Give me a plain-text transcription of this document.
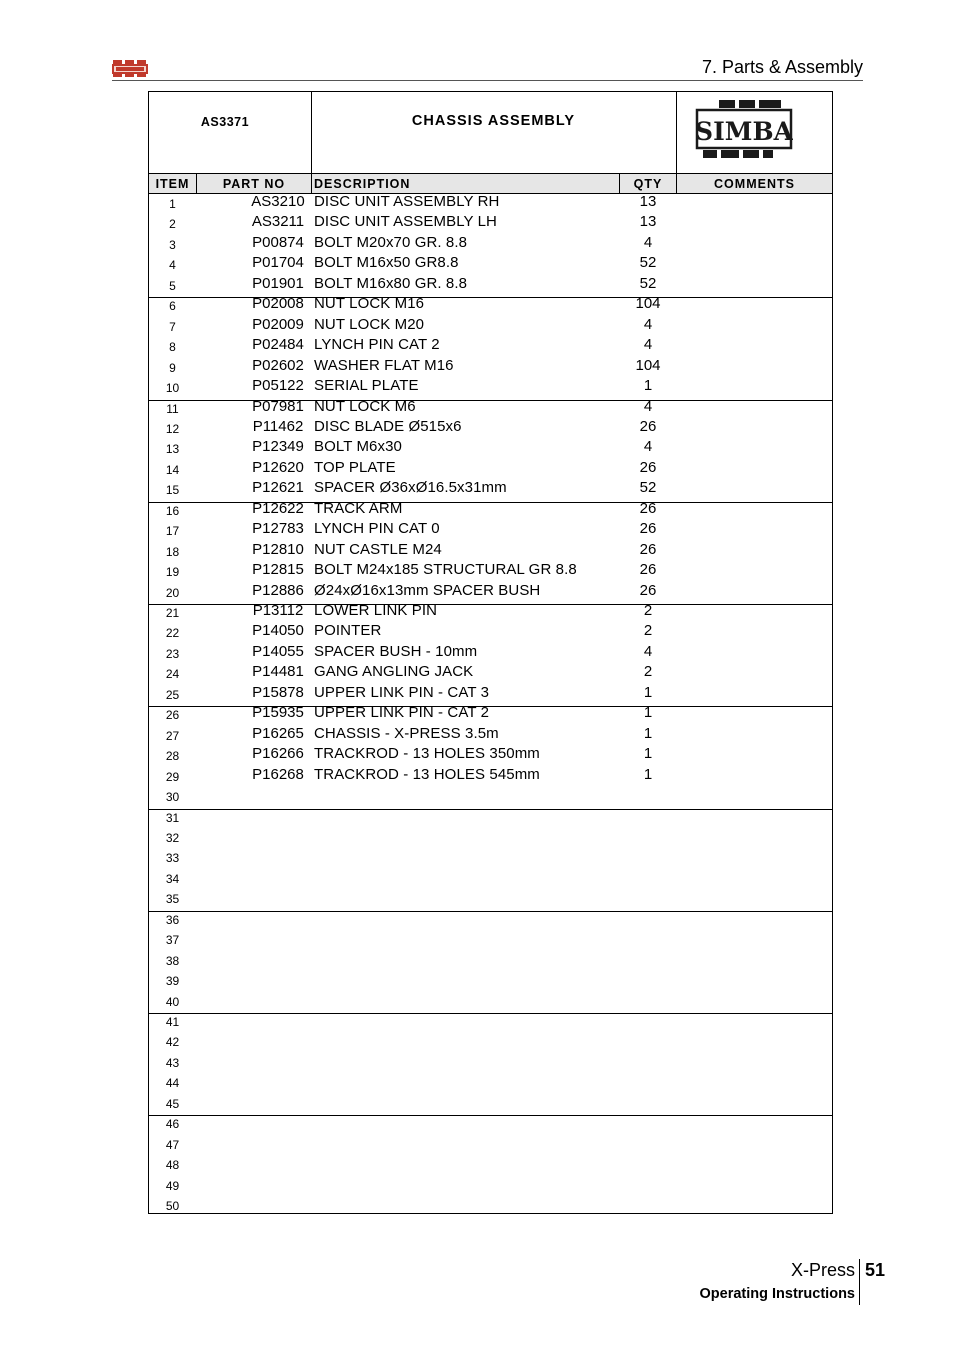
7. Parts & Assembly
AS3371	CHASSIS ASSEMBLY	SIMBA
ITEM	PART NO	DESCRIPTION	QTY	COMMENTS
1	AS3210 DISC UNIT ASSEMBLY RH	13
2	AS3211 DISC UNIT ASSEMBLY LH	13
3	P00874 BOLT M20x70 GR. 8.8	4
4	P01704 BOLT M16x50 GR8.8	52
5	P01901 BOLT M16x80 GR. 8.8	52
6	P02008 NUT LOCK M16	104
7	P02009 NUT LOCK M20	4
8	P02484 LYNCH PIN CAT 2	4
9	P02602 WASHER FLAT M16	104
10	P05122 SERIAL PLATE	1
11	P07981 NUT LOCK M6	4
12	P11462 DISC BLADE Ø515x6	26
13	P12349 BOLT M6x30	4
14	P12620 TOP PLATE	26
15	P12621 SPACER Ø36xØ16.5x31mm	52
16	P12622 TRACK ARM	26
17	P12783 LYNCH PIN CAT 0	26
18	P12810 NUT CASTLE M24	26
19	P12815 BOLT M24x185 STRUCTURAL GR 8.8	26
20	P12886 Ø24xØ16x13mm SPACER BUSH	26
21	P13112 LOWER LINK PIN	2
22	P14050 POINTER	2
23	P14055 SPACER BUSH - 10mm	4
24	P14481 GANG ANGLING JACK	2
25	P15878 UPPER LINK PIN - CAT 3	1
26	P15935 UPPER LINK PIN - CAT 2	1
27	P16265 CHASSIS - X-PRESS 3.5m	1
28	P16266 TRACKROD - 13 HOLES 350mm	1
29	P16268 TRACKROD - 13 HOLES 545mm	1
30
31
32
33
34
35
36
37
38
39
40
41
42
43
44
45
46
47
48
49
50
X-Press 51
Operating Instructions
